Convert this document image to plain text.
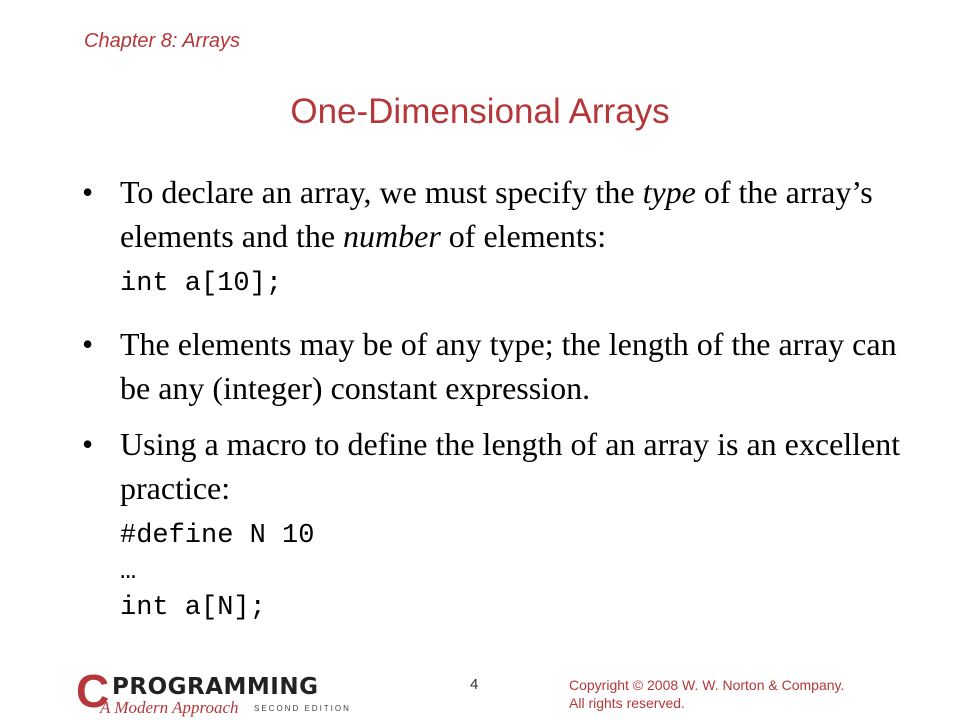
Chapter 8: Arrays
One-Dimensional Arrays
• To declare an array, we must specify the type of the array’s elements and the number of elements:
int a[10];
• The elements may be of any type; the length of the array can be any (integer) constant expression.
• Using a macro to define the length of an array is an excellent practice:
#define N 10
…
int a[N];
C PROGRAMMING
A Modern Approach SECOND EDITION
4	Copyright © 2008 W. W. Norton & Company.
All rights reserved.
